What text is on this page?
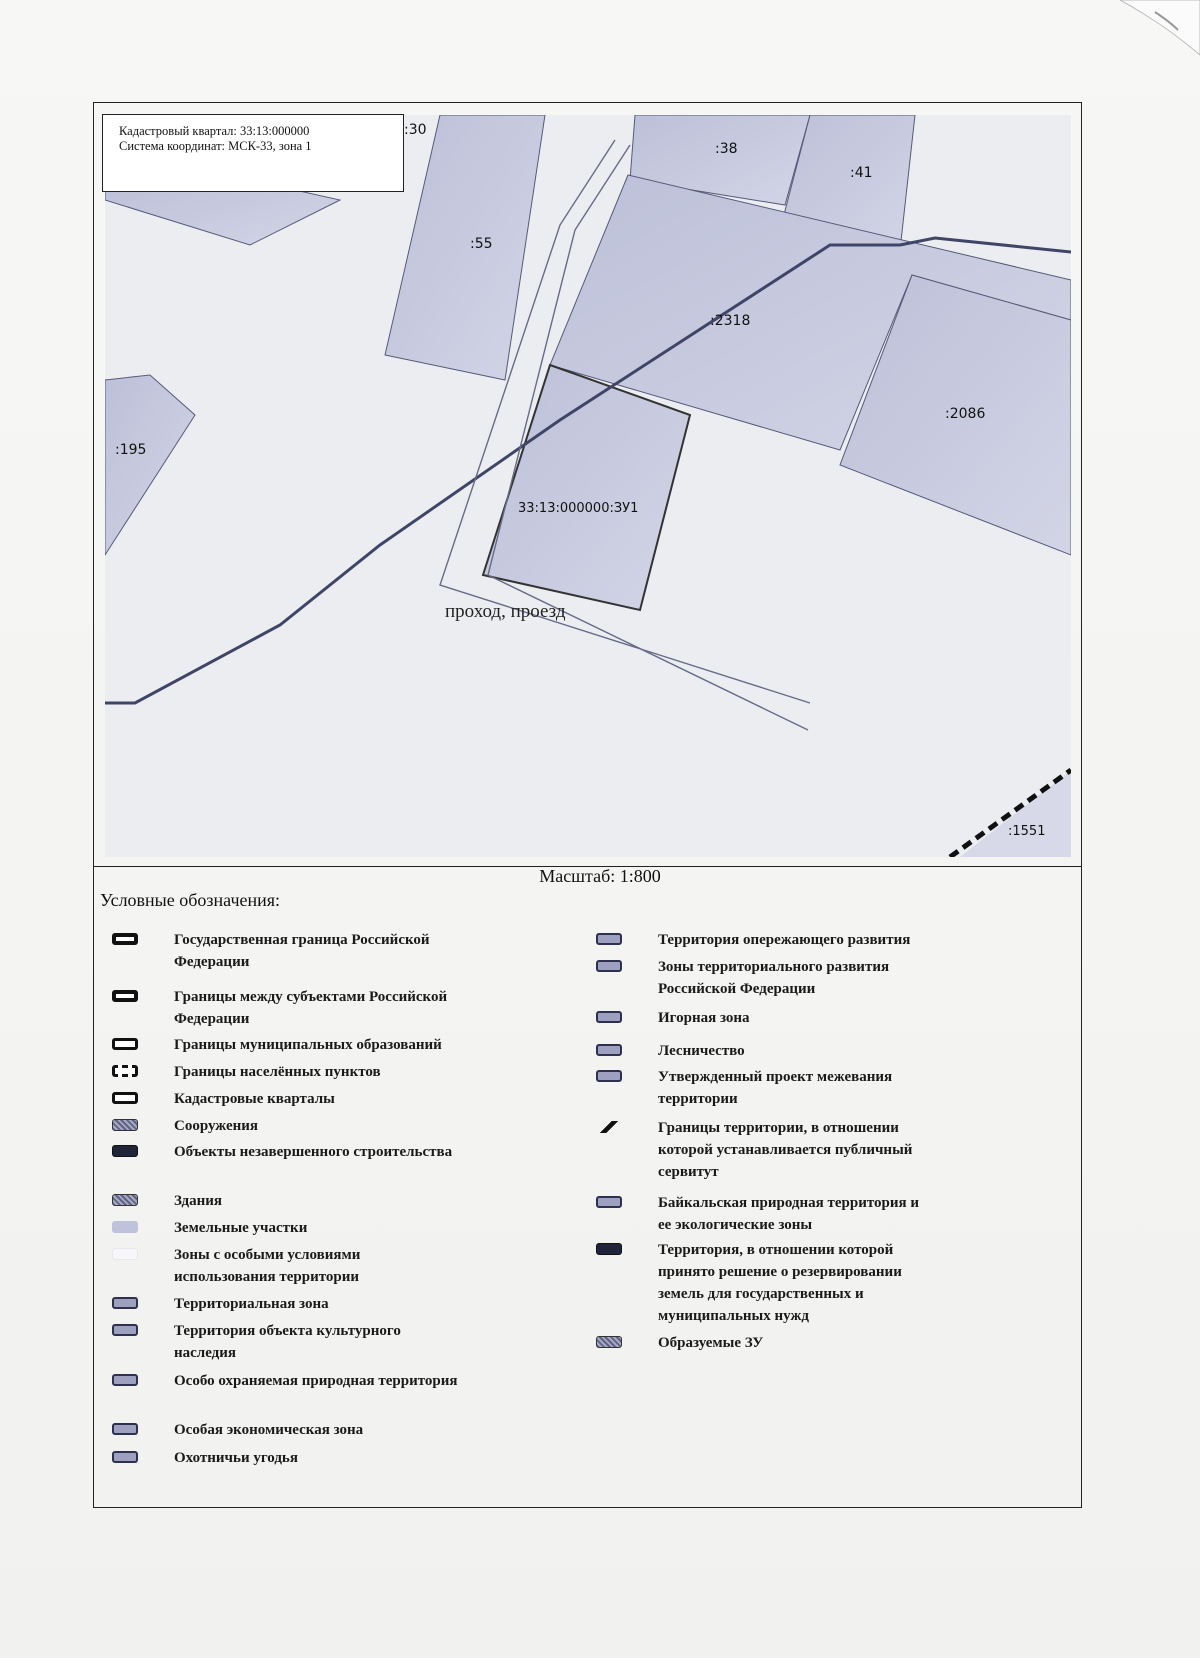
:30
:55
:38
:41
:2318
:195
:2086
33:13:000000:ЗУ1
:1551
проход, проезд
Кадастровый квартал: 33:13:000000
Система координат: МСК-33, зона 1
Масштаб: 1:800
Условные обозначения:
Государственная граница Российской Федерации
Границы между субъектами Российской Федерации
Границы муниципальных образований
Границы населённых пунктов
Кадастровые кварталы
Сооружения
Объекты незавершенного строительства
Здания
Земельные участки
Зоны с особыми условиями использования территории
Территориальная зона
Территория объекта культурного наследия
Особо охраняемая природная территория
Особая экономическая зона
Охотничьи угодья
Территория опережающего развития
Зоны территориального развития Российской Федерации
Игорная зона
Лесничество
Утвержденный проект межевания территории
Границы территории, в отношении которой устанавливается публичный сервитут
Байкальская природная территория и ее экологические зоны
Территория, в отношении которой принято решение о резервировании земель для государственных и муниципальных нужд
Образуемые ЗУ
